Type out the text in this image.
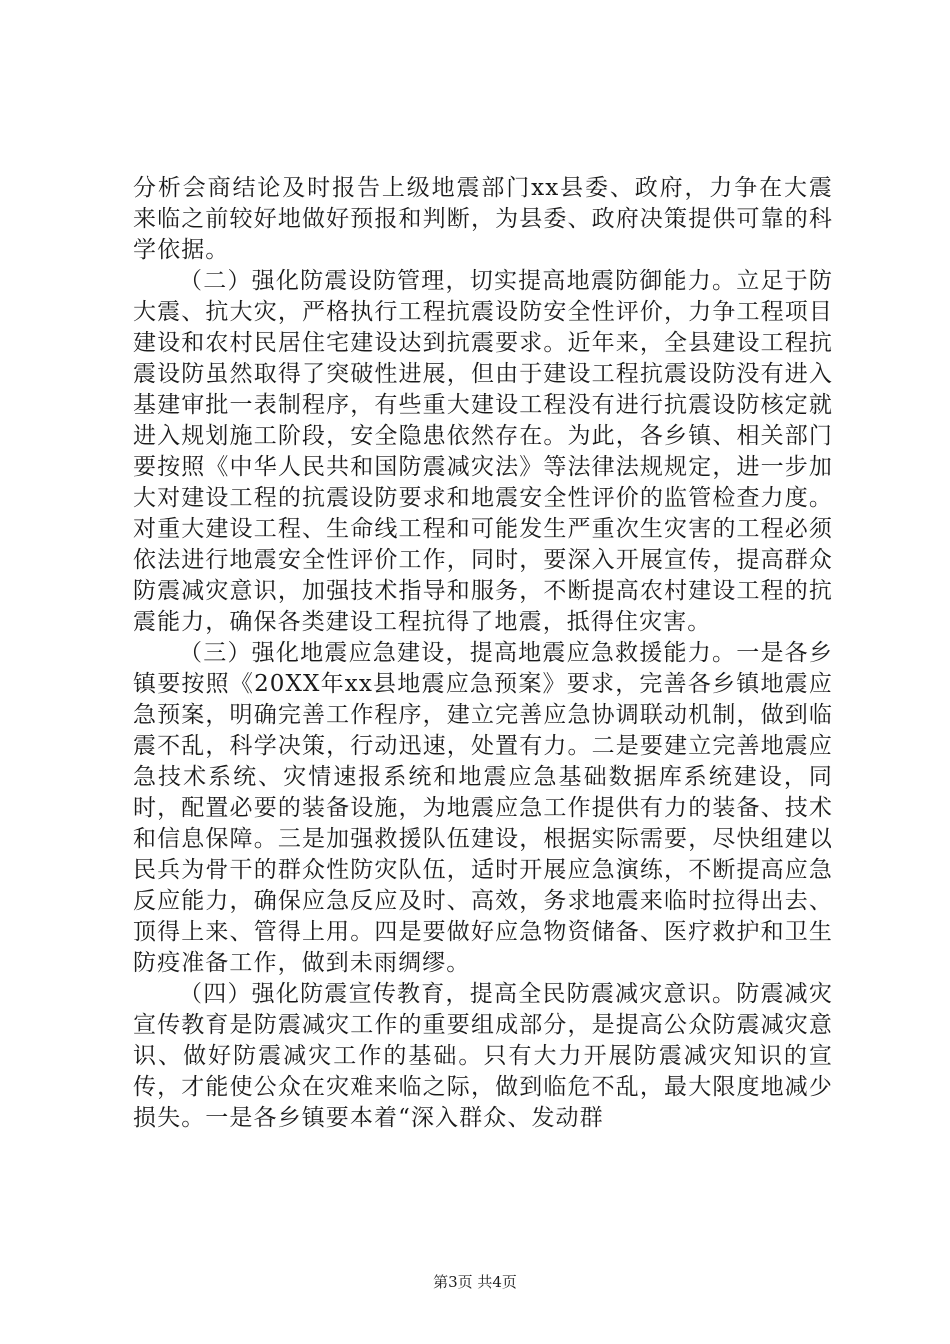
分析会商结论及时报告上级地震部门xx县委、政府，力争在大震来临之前较好地做好预报和判断，为县委、政府决策提供可靠的科学依据。

（二）强化防震设防管理，切实提高地震防御能力。立足于防大震、抗大灾，严格执行工程抗震设防安全性评价，力争工程项目建设和农村民居住宅建设达到抗震要求。近年来，全县建设工程抗震设防虽然取得了突破性进展，但由于建设工程抗震设防没有进入基建审批一表制程序，有些重大建设工程没有进行抗震设防核定就进入规划施工阶段，安全隐患依然存在。为此，各乡镇、相关部门要按照《中华人民共和国防震减灾法》等法律法规规定，进一步加大对建设工程的抗震设防要求和地震安全性评价的监管检查力度。对重大建设工程、生命线工程和可能发生严重次生灾害的工程必须依法进行地震安全性评价工作，同时，要深入开展宣传，提高群众防震减灾意识，加强技术指导和服务，不断提高农村建设工程的抗震能力，确保各类建设工程抗得了地震，抵得住灾害。

（三）强化地震应急建设，提高地震应急救援能力。一是各乡镇要按照《20XX年xx县地震应急预案》要求，完善各乡镇地震应急预案，明确完善工作程序，建立完善应急协调联动机制，做到临震不乱，科学决策，行动迅速，处置有力。二是要建立完善地震应急技术系统、灾情速报系统和地震应急基础数据库系统建设，同时，配置必要的装备设施，为地震应急工作提供有力的装备、技术和信息保障。三是加强救援队伍建设，根据实际需要，尽快组建以民兵为骨干的群众性防灾队伍，适时开展应急演练，不断提高应急反应能力，确保应急反应及时、高效，务求地震来临时拉得出去、顶得上来、管得上用。四是要做好应急物资储备、医疗救护和卫生防疫准备工作，做到未雨绸缪。

（四）强化防震宣传教育，提高全民防震减灾意识。防震减灾宣传教育是防震减灾工作的重要组成部分，是提高公众防震减灾意识、做好防震减灾工作的基础。只有大力开展防震减灾知识的宣传，才能使公众在灾难来临之际，做到临危不乱，最大限度地减少损失。一是各乡镇要本着“深入群众、发动群

第3页 共4页
